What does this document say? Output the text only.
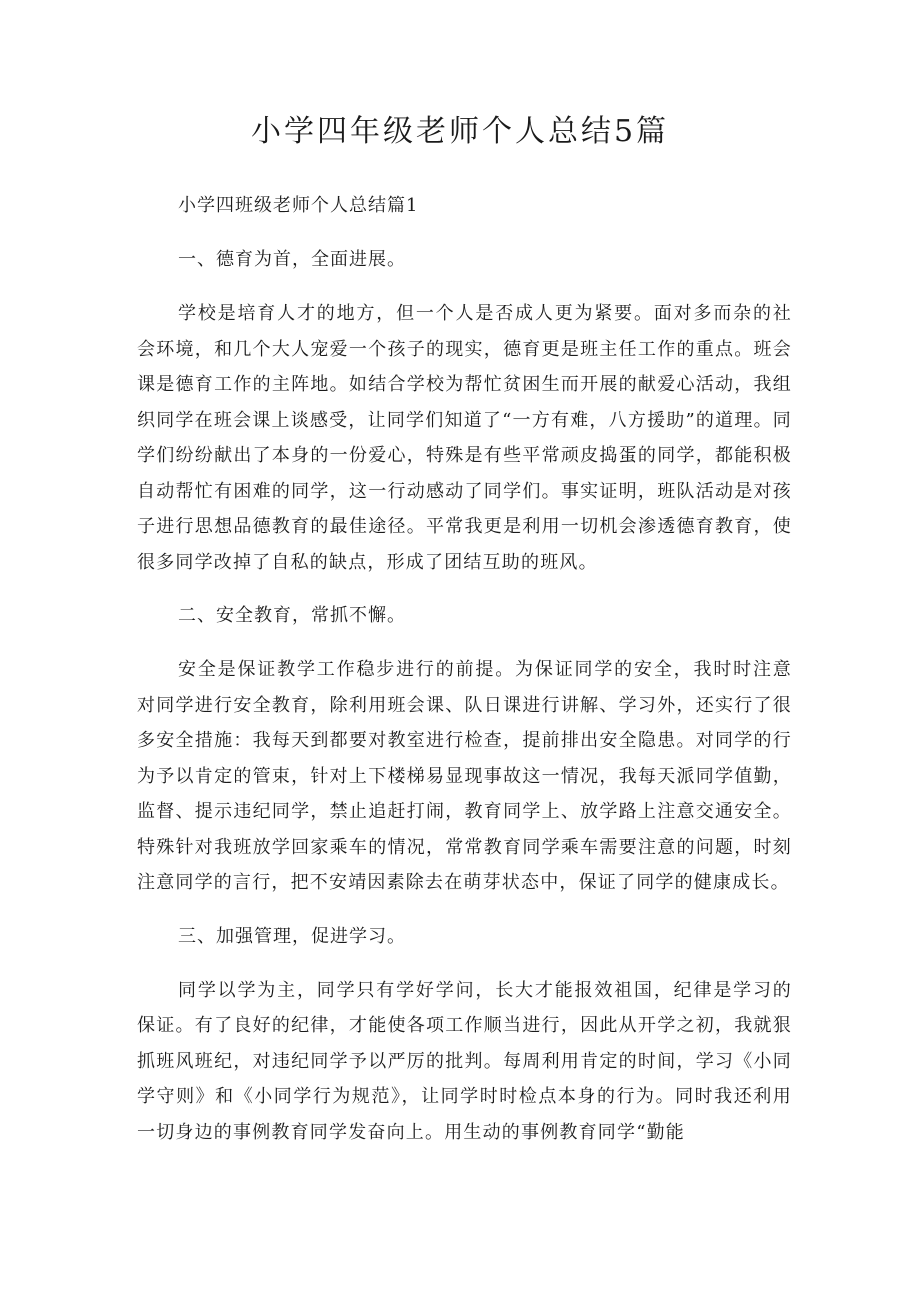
小学四年级老师个人总结5篇

小学四班级老师个人总结篇1

一、德育为首，全面进展。

学校是培育人才的地方，但一个人是否成人更为紧要。面对多而杂的社会环境，和几个大人宠爱一个孩子的现实，德育更是班主任工作的重点。班会课是德育工作的主阵地。如结合学校为帮忙贫困生而开展的献爱心活动，我组织同学在班会课上谈感受，让同学们知道了“一方有难，八方援助”的道理。同学们纷纷献出了本身的一份爱心，特殊是有些平常顽皮捣蛋的同学，都能积极自动帮忙有困难的同学，这一行动感动了同学们。事实证明，班队活动是对孩子进行思想品德教育的最佳途径。平常我更是利用一切机会渗透德育教育，使很多同学改掉了自私的缺点，形成了团结互助的班风。

二、安全教育，常抓不懈。

安全是保证教学工作稳步进行的前提。为保证同学的安全，我时时注意对同学进行安全教育，除利用班会课、队日课进行讲解、学习外，还实行了很多安全措施：我每天到都要对教室进行检查，提前排出安全隐患。对同学的行为予以肯定的管束，针对上下楼梯易显现事故这一情况，我每天派同学值勤，监督、提示违纪同学，禁止追赶打闹，教育同学上、放学路上注意交通安全。特殊针对我班放学回家乘车的情况，常常教育同学乘车需要注意的问题，时刻注意同学的言行，把不安靖因素除去在萌芽状态中，保证了同学的健康成长。

三、加强管理，促进学习。

同学以学为主，同学只有学好学问，长大才能报效祖国，纪律是学习的保证。有了良好的纪律，才能使各项工作顺当进行，因此从开学之初，我就狠抓班风班纪，对违纪同学予以严厉的批判。每周利用肯定的时间，学习《小同学守则》和《小同学行为规范》，让同学时时检点本身的行为。同时我还利用一切身边的事例教育同学发奋向上。用生动的事例教育同学“勤能
